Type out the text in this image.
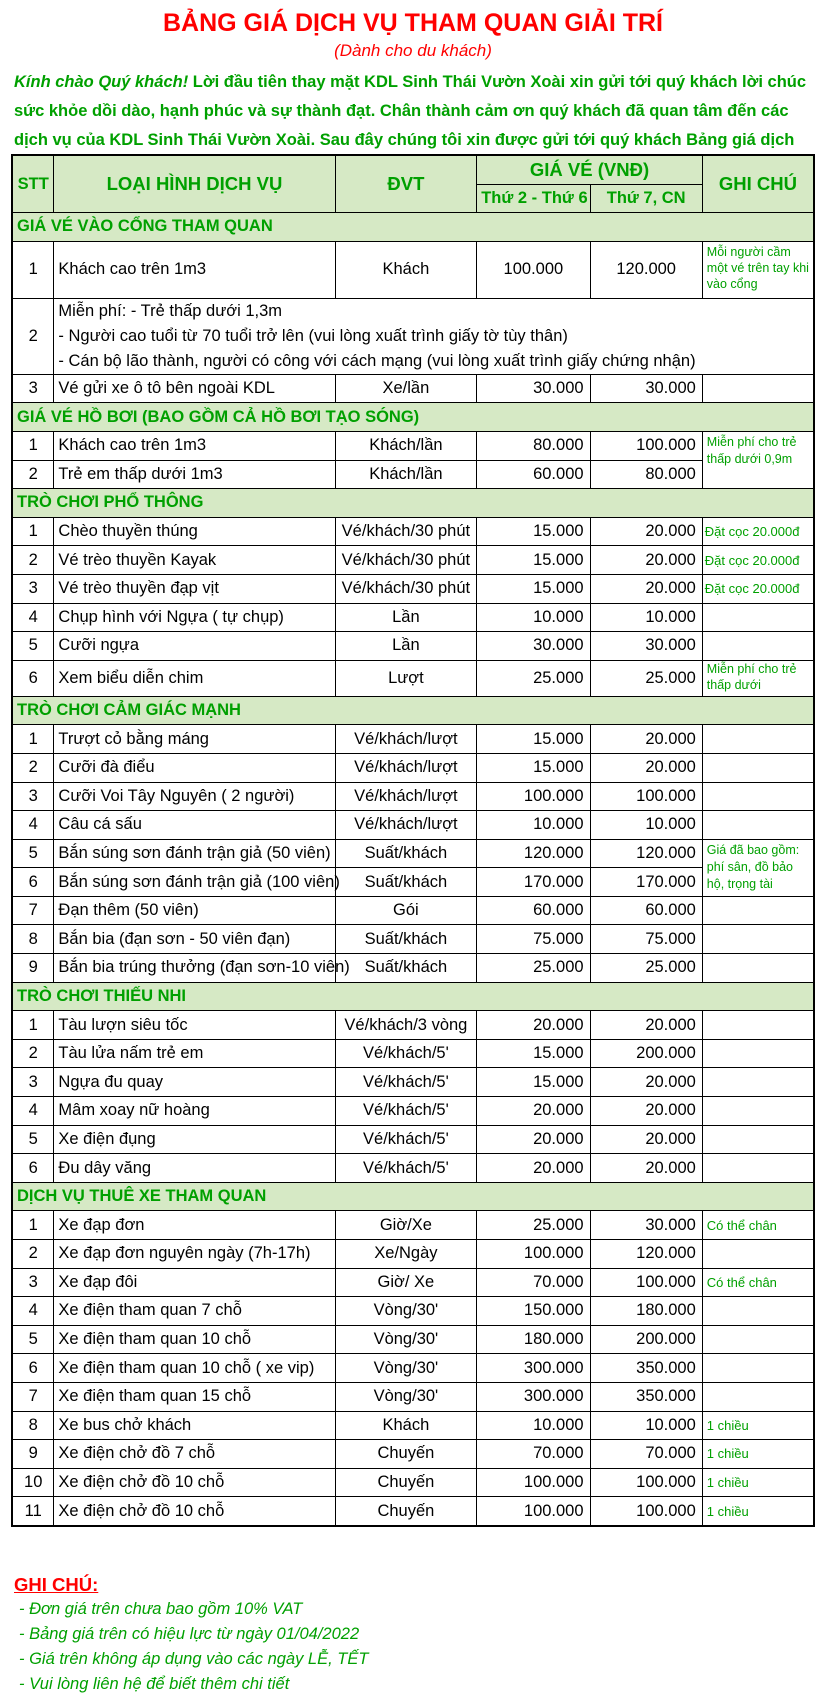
BẢNG GIÁ DỊCH VỤ THAM QUAN GIẢI TRÍ
(Dành cho du khách)
Kính chào Quý khách! Lời đầu tiên thay mặt KDL Sinh Thái Vườn Xoài xin gửi tới quý khách lời chúc sức khỏe dồi dào, hạnh phúc và sự thành đạt. Chân thành cảm ơn quý khách đã quan tâm đến các dịch vụ của KDL Sinh Thái Vườn Xoài. Sau đây chúng tôi xin được gửi tới quý khách Bảng giá dịch
STT	LOẠI HÌNH DỊCH VỤ	ĐVT	GIÁ VÉ (VNĐ)		GHI CHÚ
			Thứ 2 - Thứ 6	Thứ 7, CN	
GIÁ VÉ VÀO CỔNG THAM QUAN					
1	Khách cao trên 1m3	Khách	100.000	120.000	Mỗi người cầm một vé trên tay khi vào cổng
2	Miễn phí: - Trẻ thấp dưới 1,3m
- Người cao tuổi từ 70 tuổi trở lên (vui lòng xuất trình giấy tờ tùy thân)
- Cán bộ lão thành, người có công với cách mạng (vui lòng xuất trình giấy chứng nhận)				

3	Vé gửi xe ô tô bên ngoài KDL	Xe/lần	30.000	30.000	
GIÁ VÉ HỒ BƠI (BAO GỒM CẢ HỒ BƠI TẠO SÓNG)					
1	Khách cao trên 1m3	Khách/lần	80.000	100.000	Miễn phí cho trẻ thấp dưới 0,9m
2	Trẻ em thấp dưới 1m3	Khách/lần	60.000	80.000	
TRÒ CHƠI PHỔ THÔNG					
1	Chèo thuyền thúng	Vé/khách/30 phút	15.000	20.000	Đặt cọc 20.000đ
2	Vé trèo thuyền Kayak	Vé/khách/30 phút	15.000	20.000	Đặt cọc 20.000đ
3	Vé trèo thuyền đạp vịt	Vé/khách/30 phút	15.000	20.000	Đặt cọc 20.000đ
4	Chụp hình với Ngựa ( tự chụp)	Lần	10.000	10.000	
5	Cưỡi ngựa	Lần	30.000	30.000	
6	Xem biểu diễn chim	Lượt	25.000	25.000	Miễn phí cho trẻ thấp dưới
TRÒ CHƠI CẢM GIÁC MẠNH					
1	Trượt cỏ bằng máng	Vé/khách/lượt	15.000	20.000	
2	Cưỡi đà điểu	Vé/khách/lượt	15.000	20.000	
3	Cưỡi Voi Tây Nguyên ( 2 người)	Vé/khách/lượt	100.000	100.000	
4	Câu cá sấu	Vé/khách/lượt	10.000	10.000	
5	Bắn súng sơn đánh trận giả (50 viên)	Suất/khách	120.000	120.000	Giá đã bao gồm: phí sân, đồ bảo hộ, trọng tài
6	Bắn súng sơn đánh trận giả (100 viên)	Suất/khách	170.000	170.000	
7	Đạn thêm (50 viên)	Gói	60.000	60.000	
8	Bắn bia (đạn sơn - 50 viên đạn)	Suất/khách	75.000	75.000	
9	Bắn bia trúng thưởng (đạn sơn-10 viên)	Suất/khách	25.000	25.000	
TRÒ CHƠI THIẾU NHI					
1	Tàu lượn siêu tốc	Vé/khách/3 vòng	20.000	20.000	
2	Tàu lửa nấm trẻ em	Vé/khách/5'	15.000	200.000	
3	Ngựa đu quay	Vé/khách/5'	15.000	20.000	
4	Mâm xoay nữ hoàng	Vé/khách/5'	20.000	20.000	
5	Xe điện đụng	Vé/khách/5'	20.000	20.000	
6	Đu dây văng	Vé/khách/5'	20.000	20.000	
DỊCH VỤ THUÊ XE THAM QUAN					
1	Xe đạp đơn	Giờ/Xe	25.000	30.000	Có thể chân
2	Xe đạp đơn nguyên ngày (7h-17h)	Xe/Ngày	100.000	120.000	
3	Xe đạp đôi	Giờ/ Xe	70.000	100.000	Có thể chân
4	Xe điện tham quan 7 chỗ	Vòng/30'	150.000	180.000	
5	Xe điện tham quan 10 chỗ	Vòng/30'	180.000	200.000	
6	Xe điện tham quan 10 chỗ ( xe vip)	Vòng/30'	300.000	350.000	
7	Xe điện tham quan 15 chỗ	Vòng/30'	300.000	350.000	
8	Xe bus chở khách	Khách	10.000	10.000	1 chiều
9	Xe điện chở đồ 7 chỗ	Chuyến	70.000	70.000	1 chiều
10	Xe điện chở đồ 10 chỗ	Chuyến	100.000	100.000	1 chiều
11	Xe điện chở đồ 10 chỗ	Chuyến	100.000	100.000	1 chiều
GHI CHÚ:
- Đơn giá trên chưa bao gồm 10% VAT
- Bảng giá trên có hiệu lực từ ngày 01/04/2022
- Giá trên không áp dụng vào các ngày LỄ, TẾT
- Vui lòng liên hệ để biết thêm chi tiết
